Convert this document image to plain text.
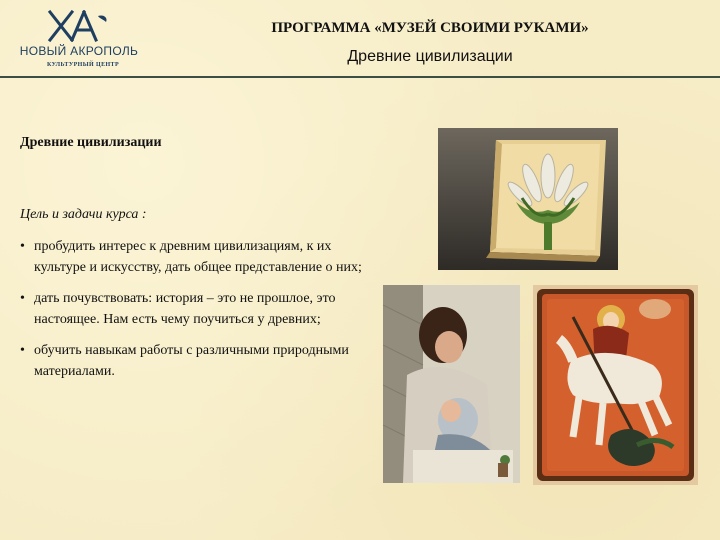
НОВЫЙ АКРОПОЛЬ
КУЛЬТУРНЫЙ ЦЕНТР
ПРОГРАММА «МУЗЕЙ СВОИМИ РУКАМИ»
Древние цивилизации
Древние цивилизации
Цель и задачи курса :
• пробудить интерес к древним цивилизациям, к их культуре и искусству, дать общее представление о них;
• дать почувствовать: история – это не прошлое, это настоящее. Нам есть чему поучиться у древних;
• обучить навыкам работы с различными природными материалами.
